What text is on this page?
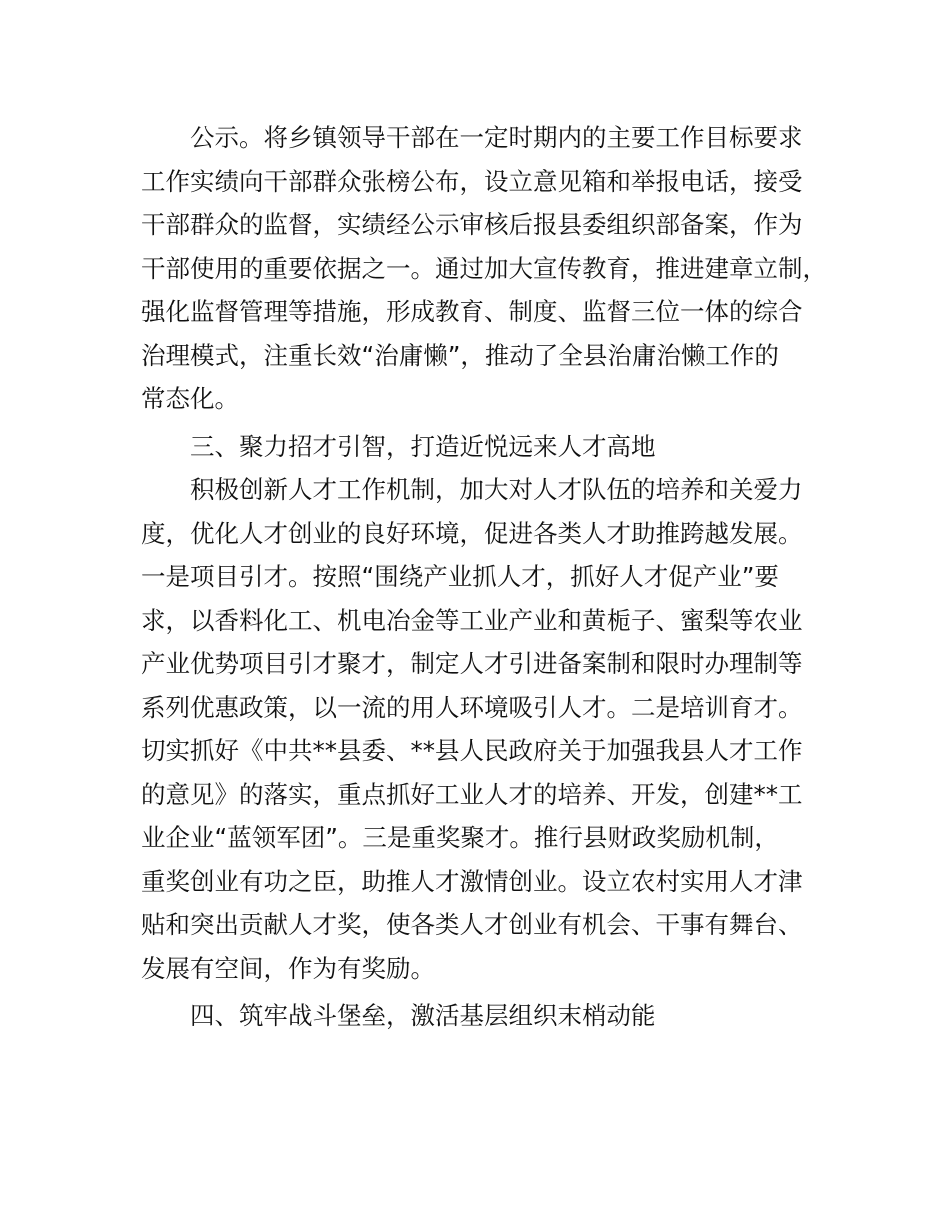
公示。将乡镇领导干部在一定时期内的主要工作目标要求
工作实绩向干部群众张榜公布，设立意见箱和举报电话，接受
干部群众的监督，实绩经公示审核后报县委组织部备案，作为
干部使用的重要依据之一。通过加大宣传教育，推进建章立制，
强化监督管理等措施，形成教育、制度、监督三位一体的综合
治理模式，注重长效“治庸懒”，推动了全县治庸治懒工作的
常态化。
三、聚力招才引智，打造近悦远来人才高地
积极创新人才工作机制，加大对人才队伍的培养和关爱力
度，优化人才创业的良好环境，促进各类人才助推跨越发展。
一是项目引才。按照“围绕产业抓人才，抓好人才促产业”要
求，以香料化工、机电冶金等工业产业和黄栀子、蜜梨等农业
产业优势项目引才聚才，制定人才引进备案制和限时办理制等
系列优惠政策，以一流的用人环境吸引人才。二是培训育才。
切实抓好《中共**县委、**县人民政府关于加强我县人才工作
的意见》的落实，重点抓好工业人才的培养、开发，创建**工
业企业“蓝领军团”。三是重奖聚才。推行县财政奖励机制，
重奖创业有功之臣，助推人才激情创业。设立农村实用人才津
贴和突出贡献人才奖，使各类人才创业有机会、干事有舞台、
发展有空间，作为有奖励。
四、筑牢战斗堡垒，激活基层组织末梢动能
